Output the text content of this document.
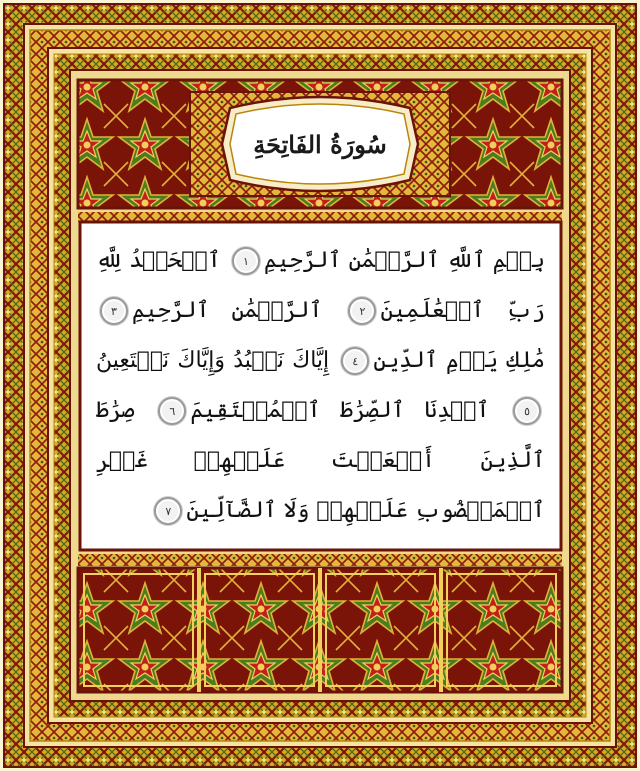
سُورَةُ الفَاتِحَةِ
بِسۡمِ ٱللَّهِ ٱلرَّحۡمَٰنِ ٱلرَّحِيمِ١ ٱلۡحَمۡدُ لِلَّهِ رَبِّ ٱلۡعَٰلَمِينَ٢ ٱلرَّحۡمَٰنِ ٱلرَّحِيمِ٣ مَٰلِكِ يَوۡمِ ٱلدِّينِ٤ إِيَّاكَ نَعۡبُدُ وَإِيَّاكَ نَسۡتَعِينُ٥ ٱهۡدِنَا ٱلصِّرَٰطَ ٱلۡمُسۡتَقِيمَ٦ صِرَٰطَ ٱلَّذِينَ أَنۡعَمۡتَ عَلَيۡهِمۡ غَيۡرِ ٱلۡمَغۡضُوبِ عَلَيۡهِمۡ وَلَا ٱلضَّآلِّينَ٧
